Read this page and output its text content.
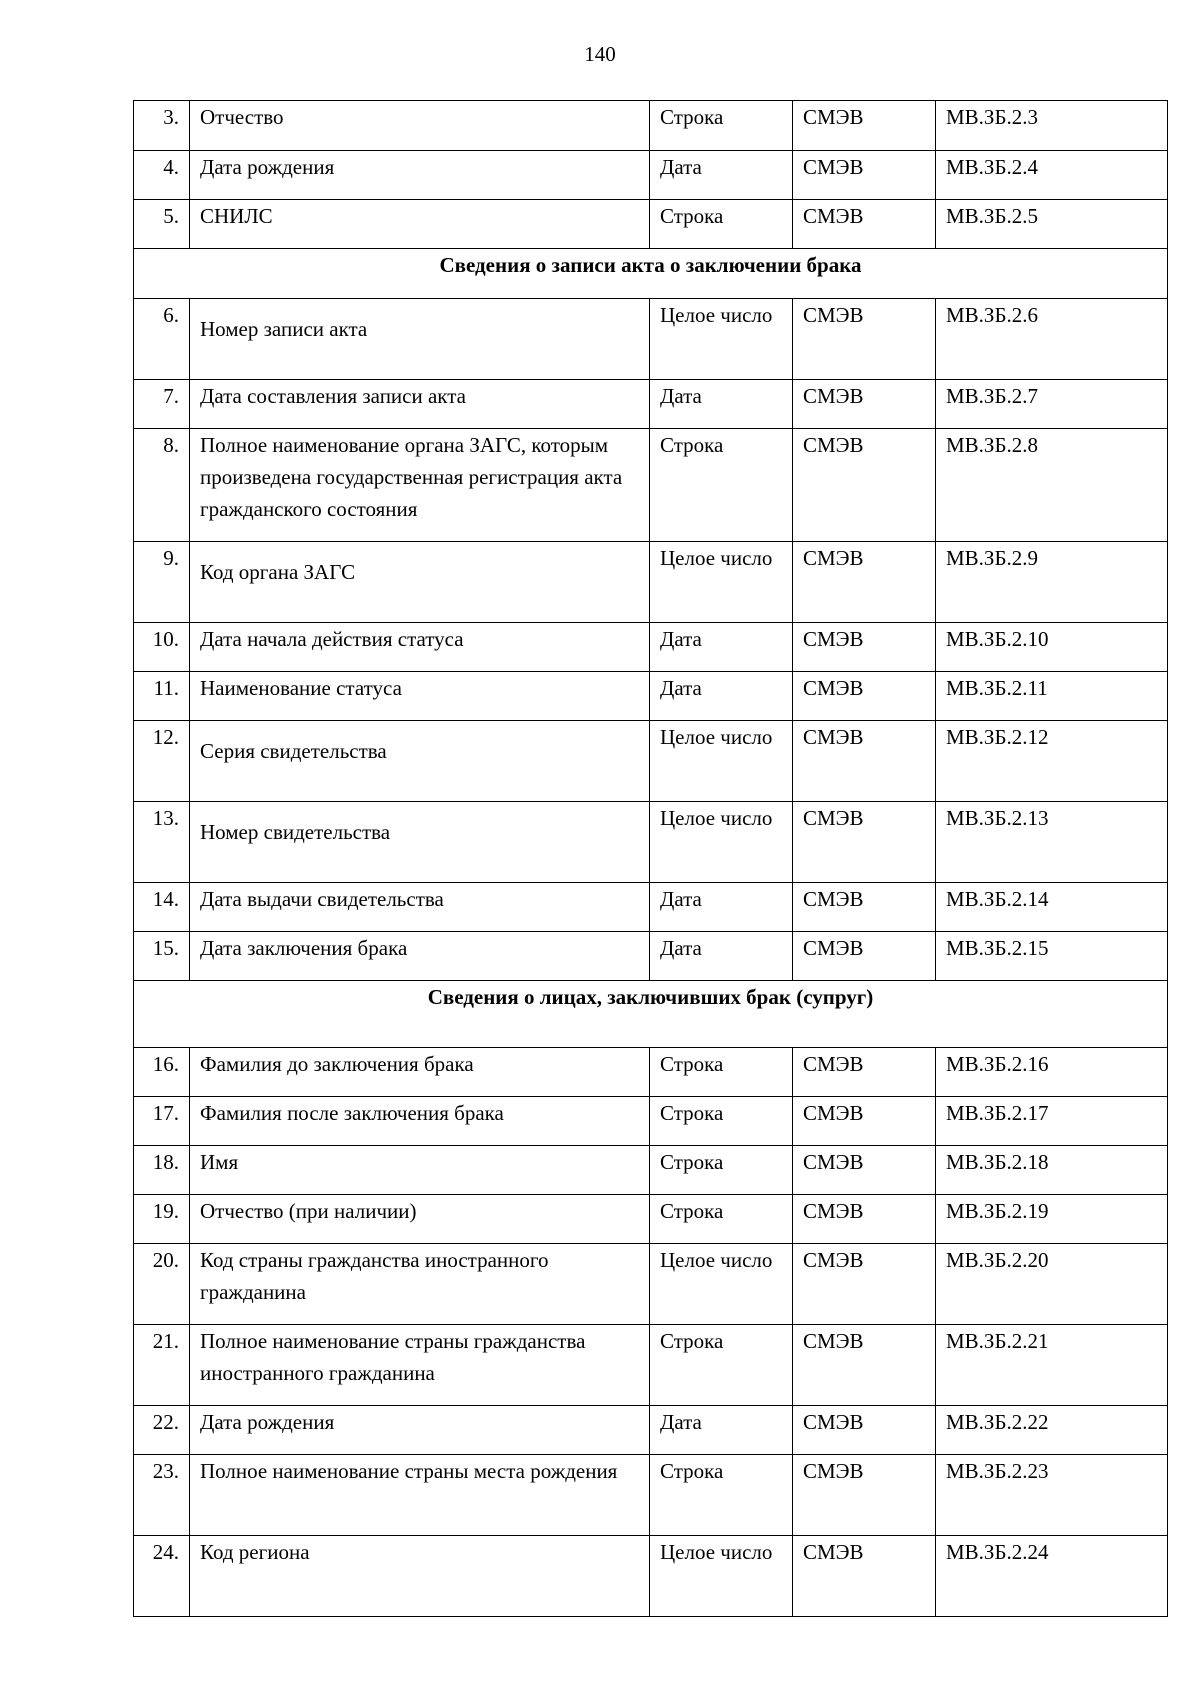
140
3.	Отчество	Строка	СМЭВ	МВ.ЗБ.2.3
4.	Дата рождения	Дата	СМЭВ	МВ.ЗБ.2.4
5.	СНИЛС	Строка	СМЭВ	МВ.ЗБ.2.5
Сведения о записи акта о заключении брака				
6.	Номер записи акта	Целое число	СМЭВ	МВ.ЗБ.2.6
7.	Дата составления записи акта	Дата	СМЭВ	МВ.ЗБ.2.7
8.	Полное наименование органа ЗАГС, которым произведена государственная регистрация акта гражданского состояния	Строка	СМЭВ	МВ.ЗБ.2.8
9.	Код органа ЗАГС	Целое число	СМЭВ	МВ.ЗБ.2.9
10.	Дата начала действия статуса	Дата	СМЭВ	МВ.ЗБ.2.10
11.	Наименование статуса	Дата	СМЭВ	МВ.ЗБ.2.11
12.	Серия свидетельства	Целое число	СМЭВ	МВ.ЗБ.2.12
13.	Номер свидетельства	Целое число	СМЭВ	МВ.ЗБ.2.13
14.	Дата выдачи свидетельства	Дата	СМЭВ	МВ.ЗБ.2.14
15.	Дата заключения брака	Дата	СМЭВ	МВ.ЗБ.2.15
Сведения о лицах, заключивших брак (супруг)				
16.	Фамилия до заключения брака	Строка	СМЭВ	МВ.ЗБ.2.16
17.	Фамилия после заключения брака	Строка	СМЭВ	МВ.ЗБ.2.17
18.	Имя	Строка	СМЭВ	МВ.ЗБ.2.18
19.	Отчество (при наличии)	Строка	СМЭВ	МВ.ЗБ.2.19
20.	Код страны гражданства иностранного гражданина	Целое число	СМЭВ	МВ.ЗБ.2.20
21.	Полное наименование страны гражданства иностранного гражданина	Строка	СМЭВ	МВ.ЗБ.2.21
22.	Дата рождения	Дата	СМЭВ	МВ.ЗБ.2.22
23.	Полное наименование страны места рождения	Строка	СМЭВ	МВ.ЗБ.2.23
24.	Код региона	Целое число	СМЭВ	МВ.ЗБ.2.24
